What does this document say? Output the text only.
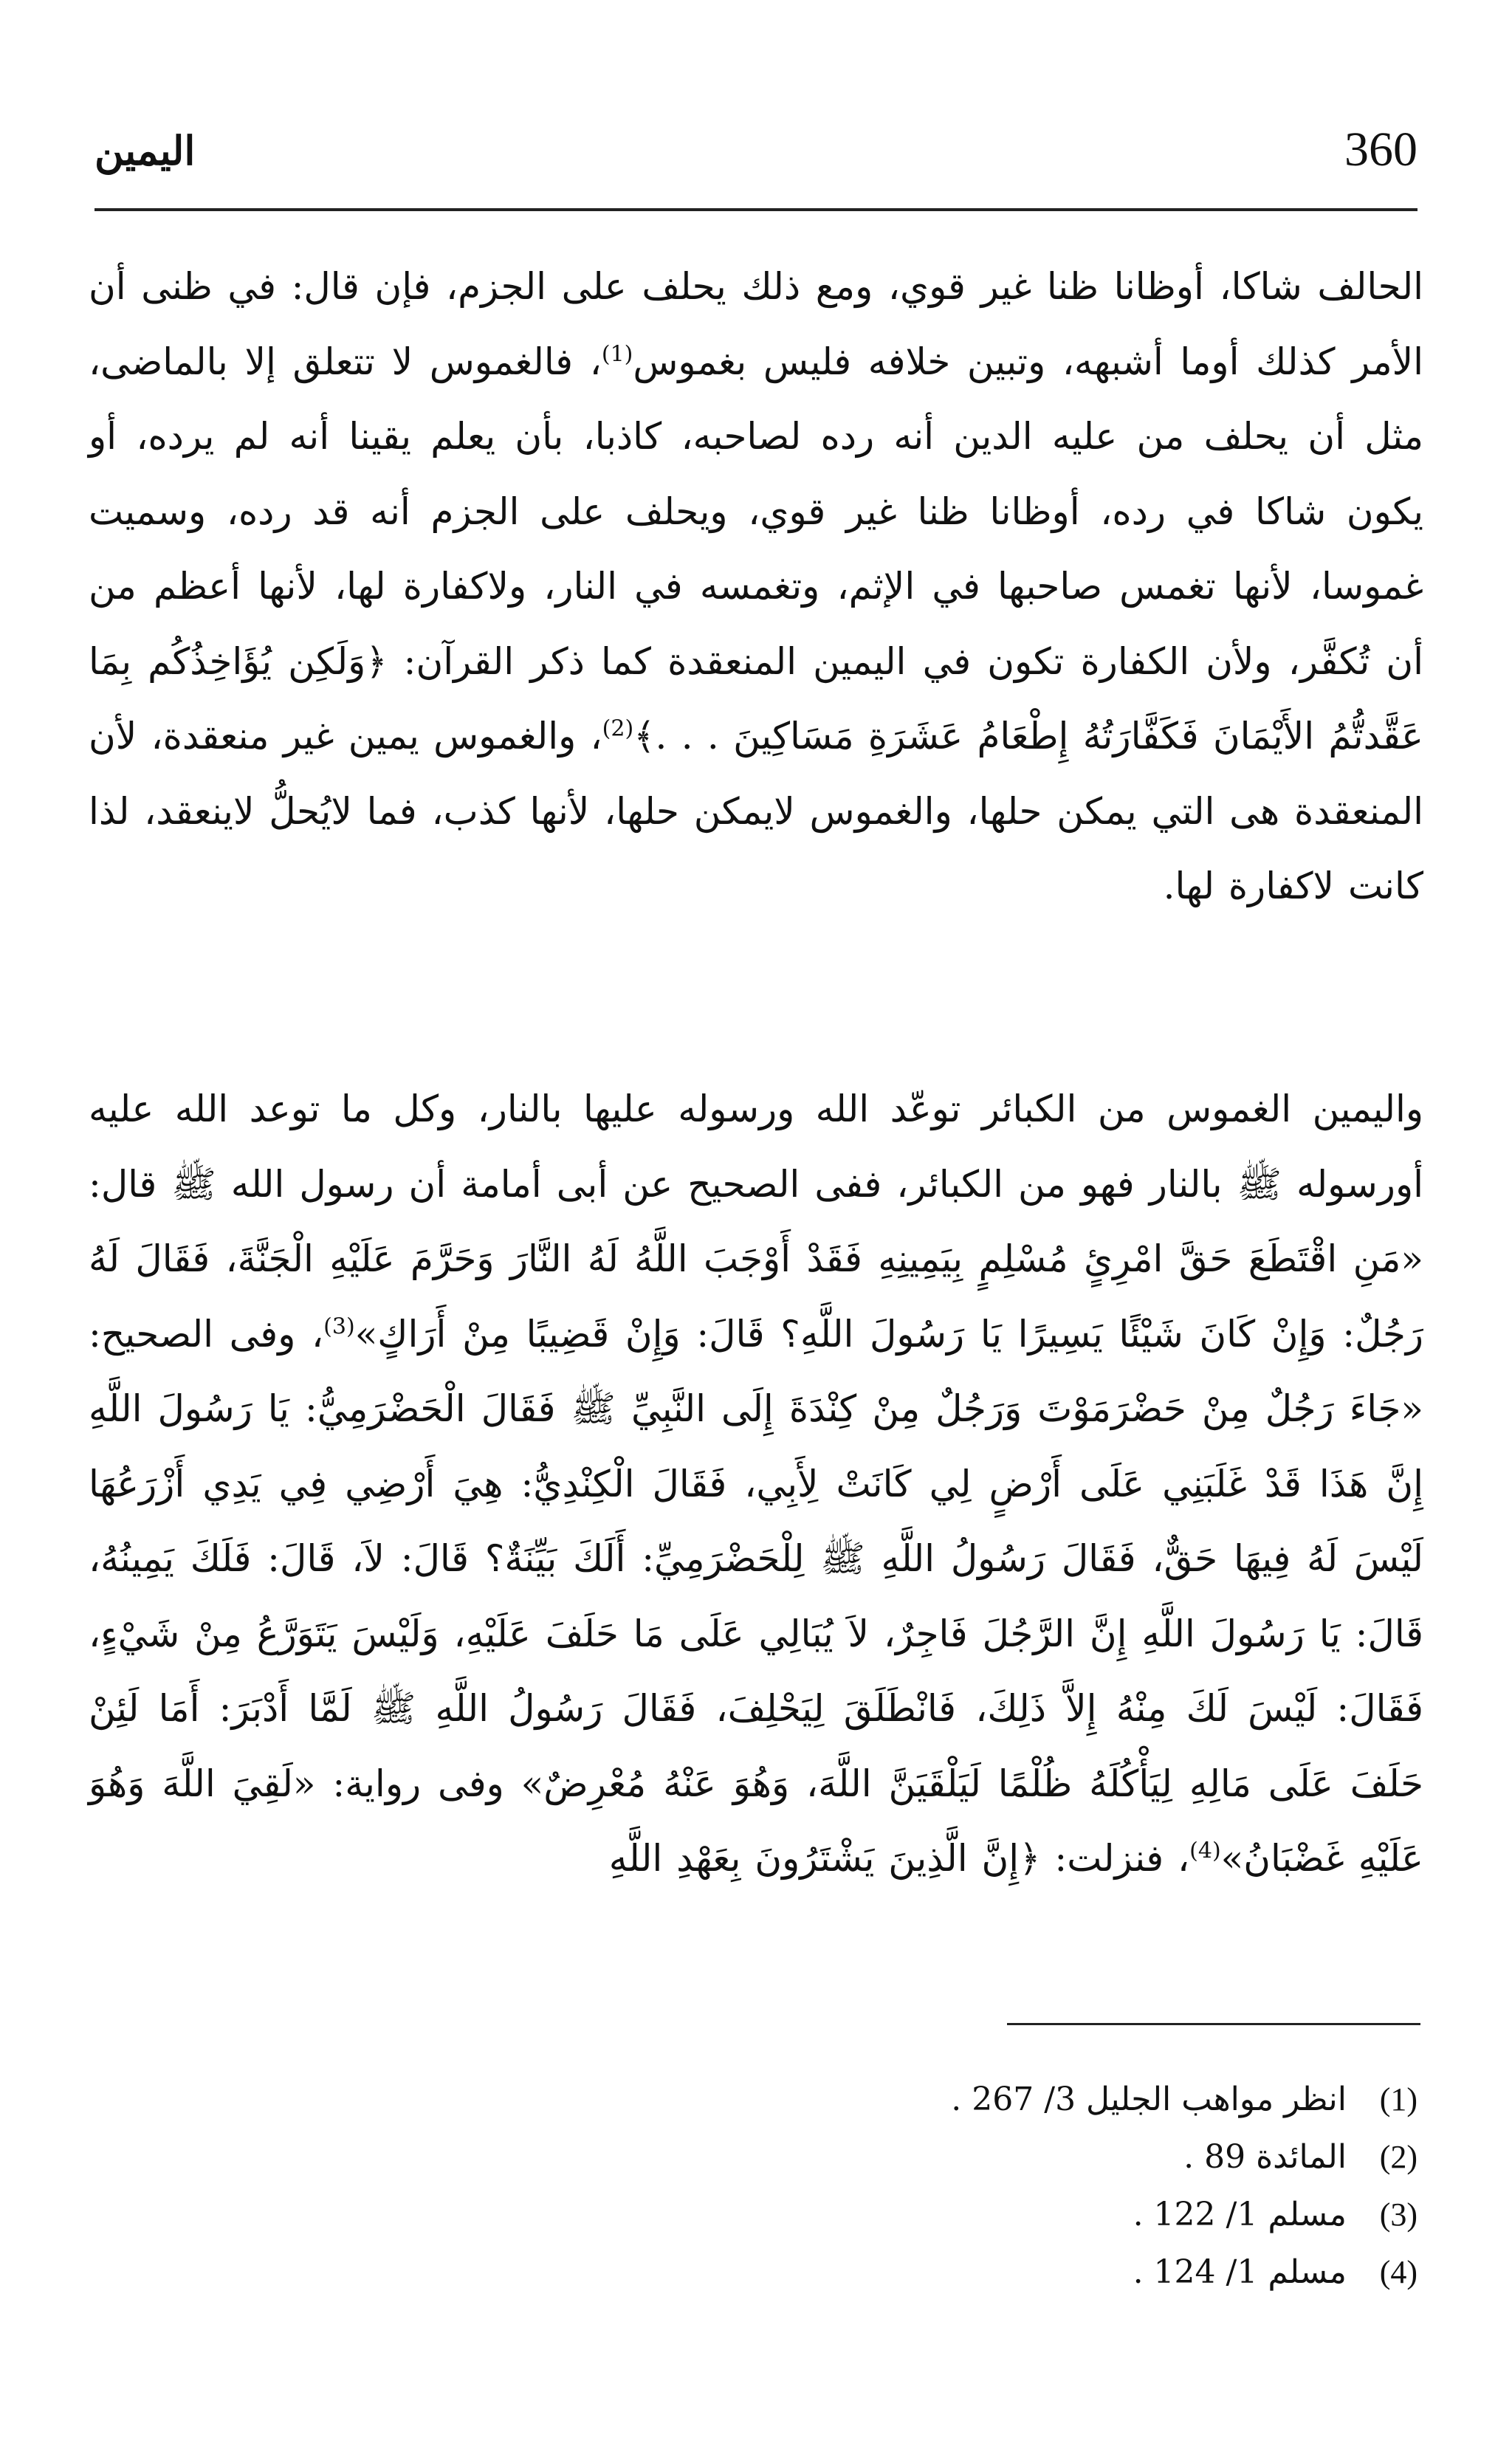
360
اليمين

الحالف شاكا، أوظانا ظنا غير قوي، ومع ذلك يحلف على الجزم، فإن قال: في ظنى أن الأمر كذلك أوما أشبهه، وتبين خلافه فليس بغموس$^{(1)}$، فالغموس لا تتعلق إلا بالماضى، مثل أن يحلف من عليه الدين أنه رده لصاحبه، كاذبا، بأن يعلم يقينا أنه لم يرده، أو يكون شاكا في رده، أوظانا ظنا غير قوي، ويحلف على الجزم أنه قد رده، وسميت غموسا، لأنها تغمس صاحبها في الإثم، وتغمسه في النار، ولاكفارة لها، لأنها أعظم من أن تُكفَّر، ولأن الكفارة تكون في اليمين المنعقدة كما ذكر القرآن: ﴿وَلَكِن يُؤَاخِذُكُم بِمَا عَقَّدتُّمُ الأَيْمَانَ فَكَفَّارَتُهُ إِطْعَامُ عَشَرَةِ مَسَاكِينَ . . .﴾$^{(2)}$، والغموس يمين غير منعقدة، لأن المنعقدة هى التي يمكن حلها، والغموس لايمكن حلها، لأنها كذب، فما لايُحلُّ لاينعقد، لذا كانت لاكفارة لها.

واليمين الغموس من الكبائر توعّد الله ورسوله عليها بالنار، وكل ما توعد الله عليه أورسوله ﷺ بالنار فهو من الكبائر، ففى الصحيح عن أبى أمامة أن رسول الله ﷺ قال: «مَنِ اقْتَطَعَ حَقَّ امْرِئٍ مُسْلِمٍ بِيَمِينِهِ فَقَدْ أَوْجَبَ اللَّهُ لَهُ النَّارَ وَحَرَّمَ عَلَيْهِ الْجَنَّةَ، فَقَالَ لَهُ رَجُلٌ: وَإِنْ كَانَ شَيْئًا يَسِيرًا يَا رَسُولَ اللَّهِ؟ قَالَ: وَإِنْ قَضِيبًا مِنْ أَرَاكٍ»$^{(3)}$، وفى الصحيح: «جَاءَ رَجُلٌ مِنْ حَضْرَمَوْتَ وَرَجُلٌ مِنْ كِنْدَةَ إِلَى النَّبِيِّ ﷺ فَقَالَ الْحَضْرَمِيُّ: يَا رَسُولَ اللَّهِ إِنَّ هَذَا قَدْ غَلَبَنِي عَلَى أَرْضٍ لِي كَانَتْ لِأَبِي، فَقَالَ الْكِنْدِيُّ: هِيَ أَرْضِي فِي يَدِي أَزْرَعُهَا لَيْسَ لَهُ فِيهَا حَقٌّ، فَقَالَ رَسُولُ اللَّهِ ﷺ لِلْحَضْرَمِيِّ: أَلَكَ بَيِّنَةٌ؟ قَالَ: لاَ، قَالَ: فَلَكَ يَمِينُهُ، قَالَ: يَا رَسُولَ اللَّهِ إِنَّ الرَّجُلَ فَاجِرٌ، لاَ يُبَالِي عَلَى مَا حَلَفَ عَلَيْهِ، وَلَيْسَ يَتَوَرَّعُ مِنْ شَيْءٍ، فَقَالَ: لَيْسَ لَكَ مِنْهُ إِلاَّ ذَلِكَ، فَانْطَلَقَ لِيَحْلِفَ، فَقَالَ رَسُولُ اللَّهِ ﷺ لَمَّا أَدْبَرَ: أَمَا لَئِنْ حَلَفَ عَلَى مَالِهِ لِيَأْكُلَهُ ظُلْمًا لَيَلْقَيَنَّ اللَّهَ، وَهُوَ عَنْهُ مُعْرِضٌ» وفى رواية: «لَقِيَ اللَّهَ وَهُوَ عَلَيْهِ غَضْبَانُ»$^{(4)}$، فنزلت: ﴿إِنَّ الَّذِينَ يَشْتَرُونَ بِعَهْدِ اللَّهِ

(1)
انظر مواهب الجليل 3/ 267 .
(2)
المائدة 89 .
(3)
مسلم 1/ 122 .
(4)
مسلم 1/ 124 .
